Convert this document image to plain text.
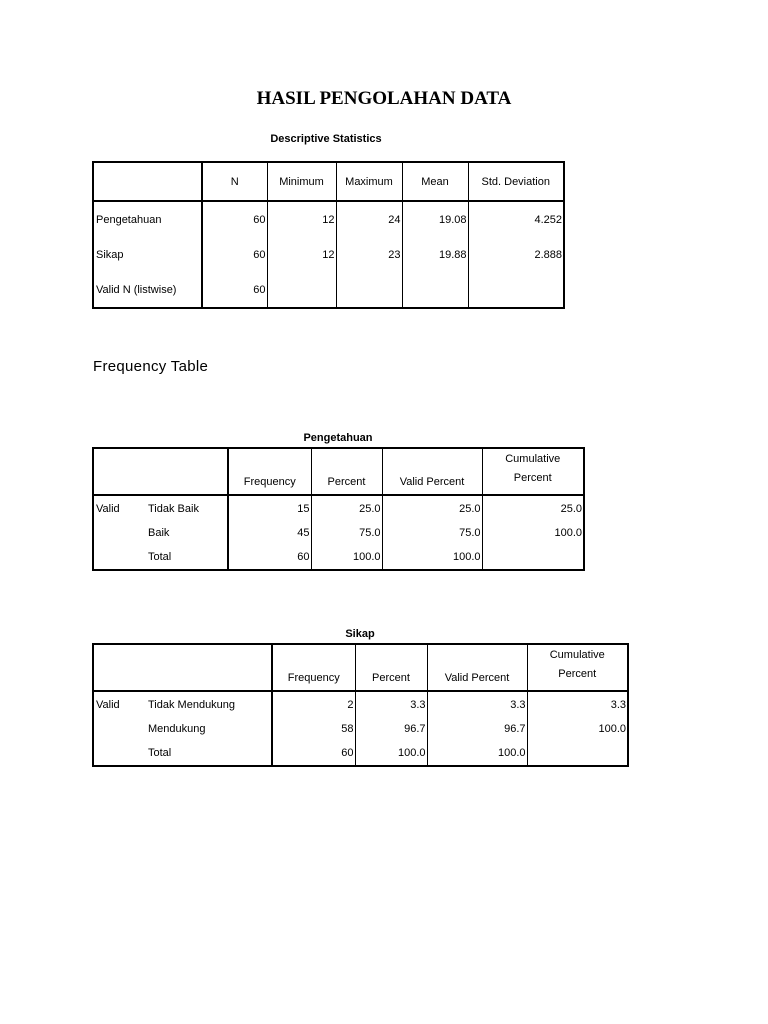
HASIL PENGOLAHAN DATA
Descriptive Statistics
	N	Minimum	Maximum	Mean	Std. Deviation
Pengetahuan	60	12	24	19.08	4.252
Sikap	60	12	23	19.88	2.888
Valid N (listwise)	60				
Frequency Table
Pengetahuan
		Frequency	Percent	Valid Percent	Cumulative
Percent

Valid	Tidak Baik	15	25.0	25.0	25.0
	Baik	45	75.0	75.0	100.0
	Total	60	100.0	100.0	
Sikap
		Frequency	Percent	Valid Percent	Cumulative
Percent

Valid	Tidak Mendukung	2	3.3	3.3	3.3
	Mendukung	58	96.7	96.7	100.0
	Total	60	100.0	100.0	
